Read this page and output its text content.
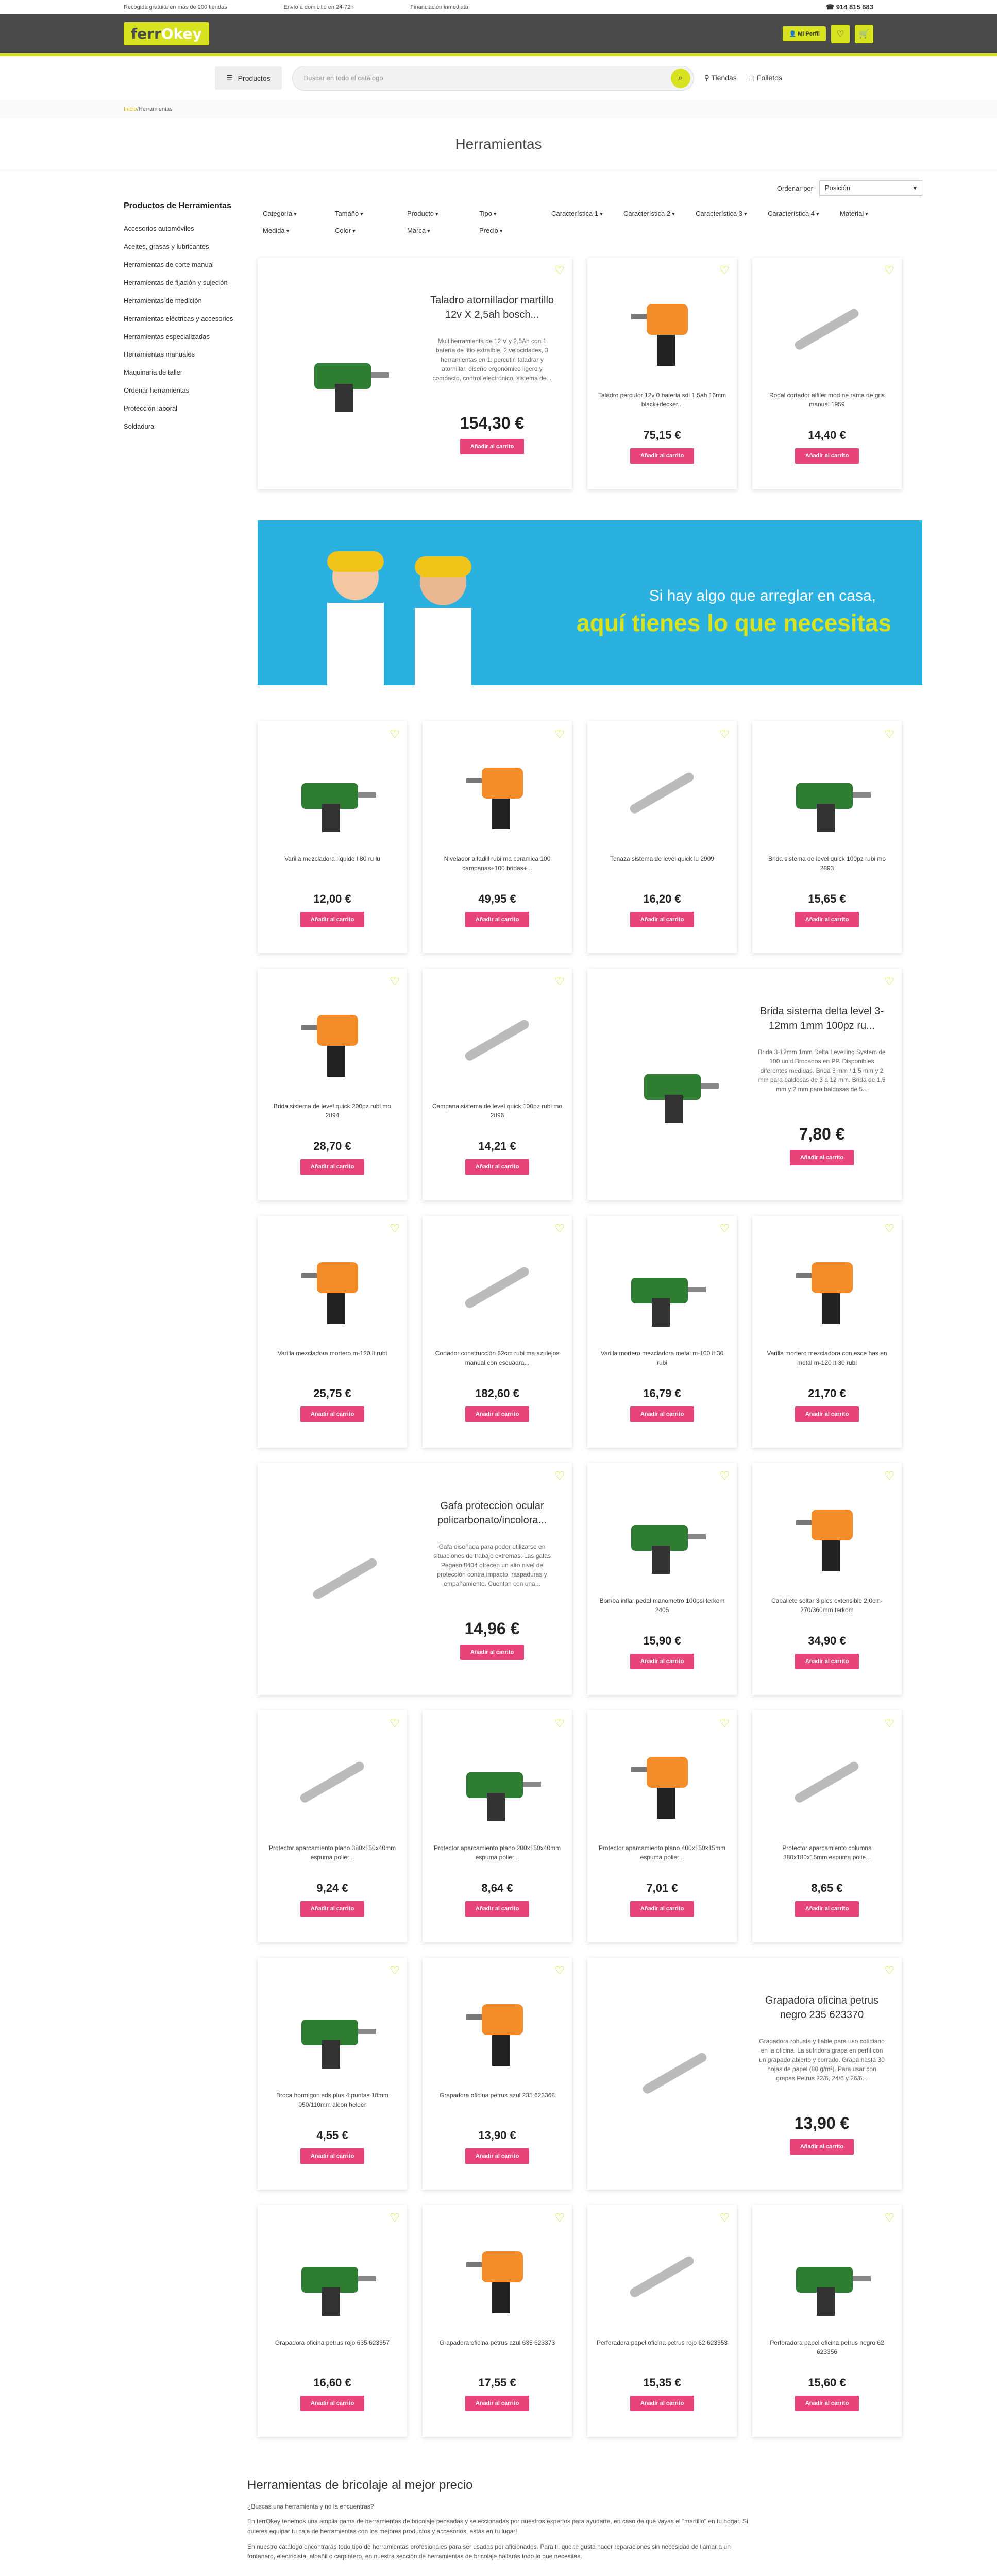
Recogida gratuita en más de 200 tiendas	Envío a domicilio en 24-72h	Financiación inmediata	☎ 914 815 683
ferrOkey	👤 Mi Perfil	♡	🛒
☰ Productos	Buscar en todo el catálogo	⌕	⚲ Tiendas ▤ Folletos
Inicio / Herramientas
Herramientas
Productos de Herramientas
Accesorios automóviles
Aceites, grasas y lubricantes
Herramientas de corte manual
Herramientas de fijación y sujeción
Herramientas de medición
Herramientas eléctricas y accesorios
Herramientas especializadas
Herramientas manuales
Maquinaria de taller
Ordenar herramientas
Protección laboral
Soldadura
Ordenar por Posición	▾
Categoría ▾	Tamaño ▾	Producto ▾	Tipo ▾	Característica 1 ▾	Característica 2 ▾	Característica 3 ▾	Característica 4 ▾	Material ▾
Medida ▾	Color ▾	Marca ▾	Precio ▾
♡
Taladro atornillador martillo 12v X 2,5ah bosch...
Multiherramienta de 12 V y 2,5Ah con 1 batería de litio extraíble, 2 velocidades, 3 herramientas en 1: percutir, taladrar y atornillar, diseño ergonómico ligero y compacto, control electrónico, sistema de...
154,30 €
Añadir al carrito
♡
Taladro percutor 12v 0 bateria sdi 1,5ah 16mm black+decker...
75,15 €
Añadir al carrito
♡
Rodal cortador alfiler mod ne rama de gris manual 1959
14,40 €
Añadir al carrito
Si hay algo que arreglar en casa,
aquí tienes lo que necesitas
♡
Varilla mezcladora líquido l 80 ru lu
12,00 €
Añadir al carrito
♡
Nivelador alfadill rubi ma ceramica 100 campanas+100 bridas+...
49,95 €
Añadir al carrito
♡
Tenaza sistema de level quick lu 2909
16,20 €
Añadir al carrito
♡
Brida sistema de level quick 100pz rubi mo 2893
15,65 €
Añadir al carrito
♡
Brida sistema de level quick 200pz rubi mo 2894
28,70 €
Añadir al carrito
♡
Campana sistema de level quick 100pz rubi mo 2896
14,21 €
Añadir al carrito
♡
Brida sistema delta level 3-12mm 1mm 100pz ru...
Brida 3-12mm 1mm Delta Levelling System de 100 unid.Brocados en PP. Disponibles diferentes medidas. Brida 3 mm / 1,5 mm y 2 mm para baldosas de 3 a 12 mm. Brida de 1,5 mm y 2 mm para baldosas de 5...
7,80 €
Añadir al carrito
♡
Varilla mezcladora mortero m-120 lt rubi
25,75 €
Añadir al carrito
♡
Cortador construcción 62cm rubi ma azulejos manual con escuadra...
182,60 €
Añadir al carrito
♡
Varilla mortero mezcladora metal m-100 lt 30 rubi
16,79 €
Añadir al carrito
♡
Varilla mortero mezcladora con esce has en metal m-120 lt 30 rubi
21,70 €
Añadir al carrito
♡
Gafa proteccion ocular policarbonato/incolora...
Gafa diseñada para poder utilizarse en situaciones de trabajo extremas. Las gafas Pegaso 8404 ofrecen un alto nivel de protección contra impacto, raspaduras y empañamiento. Cuentan con una...
14,96 €
Añadir al carrito
♡
Bomba inflar pedal manometro 100psi terkom 2405
15,90 €
Añadir al carrito
♡
Caballete soltar 3 pies extensible 2,0cm-270/360mm terkom
34,90 €
Añadir al carrito
♡
Protector aparcamiento plano 380x150x40mm espuma poliet...
9,24 €
Añadir al carrito
♡
Protector aparcamiento plano 200x150x40mm espuma poliet...
8,64 €
Añadir al carrito
♡
Protector aparcamiento plano 400x150x15mm espuma poliet...
7,01 €
Añadir al carrito
♡
Protector aparcamiento columna 380x180x15mm espuma polie...
8,65 €
Añadir al carrito
♡
Broca hormigon sds plus 4 puntas 18mm 050/110mm alcon helder
4,55 €
Añadir al carrito
♡
Grapadora oficina petrus azul 235 623368
13,90 €
Añadir al carrito
♡
Grapadora oficina petrus negro 235 623370
Grapadora robusta y fiable para uso cotidiano en la oficina. La sufridora grapa en perfil con un grapado abierto y cerrado. Grapa hasta 30 hojas de papel (80 g/m²). Para usar con grapas Petrus 22/6, 24/6 y 26/6...
13,90 €
Añadir al carrito
♡
Grapadora oficina petrus rojo 635 623357
16,60 €
Añadir al carrito
♡
Grapadora oficina petrus azul 635 623373
17,55 €
Añadir al carrito
♡
Perforadora papel oficina petrus rojo 62 623353
15,35 €
Añadir al carrito
♡
Perforadora papel oficina petrus negro 62 623356
15,60 €
Añadir al carrito
Herramientas de bricolaje al mejor precio

¿Buscas una herramienta y no la encuentras?

En ferrOkey tenemos una amplia gama de herramientas de bricolaje pensadas y seleccionadas por nuestros expertos para ayudarte, en caso de que vayas el "martillo" en tu hogar. Si quieres equipar tu caja de herramientas con los mejores productos y accesorios, estás en tu lugar!

En nuestro catálogo encontrarás todo tipo de herramientas profesionales para ser usadas por aficionados. Para ti, que te gusta hacer reparaciones sin necesidad de llamar a un fontanero, electricista, albañil o carpintero, en nuestra sección de herramientas de bricolaje hallarás todo lo que necesitas.
